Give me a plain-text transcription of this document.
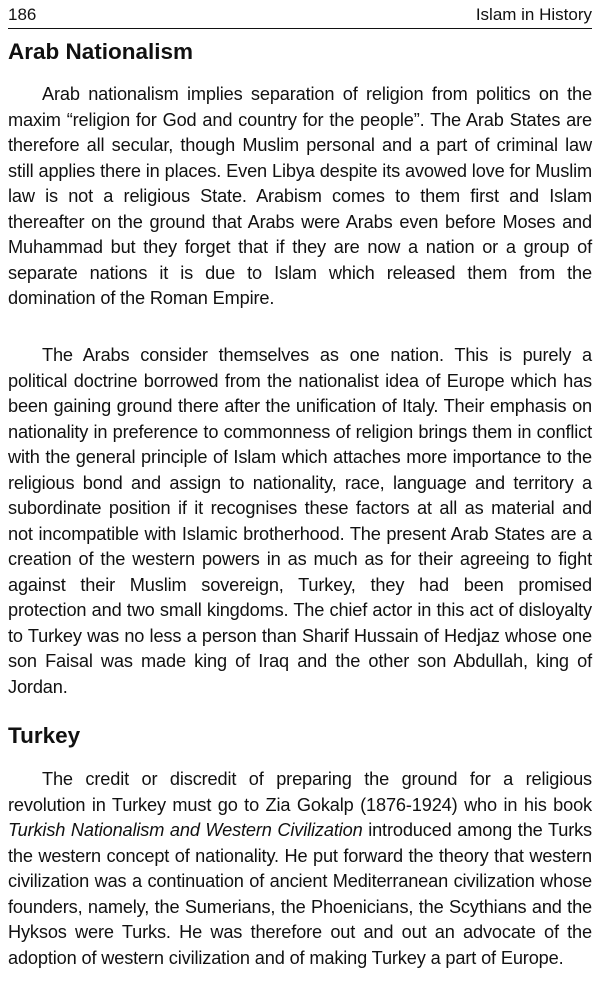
186	Islam in History
Arab Nationalism

Arab nationalism implies separation of religion from politics on the maxim “religion for God and country for the people”. The Arab States are therefore all secular, though Muslim personal and a part of criminal law still applies there in places. Even Libya despite its avowed love for Muslim law is not a religious State. Arabism comes to them first and Islam thereafter on the ground that Arabs were Arabs even before Moses and Muhammad but they forget that if they are now a nation or a group of separate nations it is due to Islam which released them from the domination of the Roman Empire.

The Arabs consider themselves as one nation. This is purely a political doctrine borrowed from the nationalist idea of Europe which has been gaining ground there after the unification of Italy. Their emphasis on nationality in preference to commonness of religion brings them in conflict with the general principle of Islam which attaches more importance to the religious bond and assign to nationality, race, language and territory a subordinate position if it recognises these factors at all as material and not incompatible with Islamic brotherhood. The present Arab States are a creation of the western powers in as much as for their agreeing to fight against their Muslim sovereign, Turkey, they had been promised protection and two small kingdoms. The chief actor in this act of disloyalty to Turkey was no less a person than Sharif Hussain of Hedjaz whose one son Faisal was made king of Iraq and the other son Abdullah, king of Jordan.

Turkey

The credit or discredit of preparing the ground for a religious revolution in Turkey must go to Zia Gokalp (1876-1924) who in his book Turkish Nationalism and Western Civilization introduced among the Turks the western concept of nationality. He put forward the theory that western civilization was a continuation of ancient Mediterranean civilization whose founders, namely, the Sumerians, the Phoenicians, the Scythians and the Hyksos were Turks. He was therefore out and out an advocate of the adoption of western civilization and of making Turkey a part of Europe.
